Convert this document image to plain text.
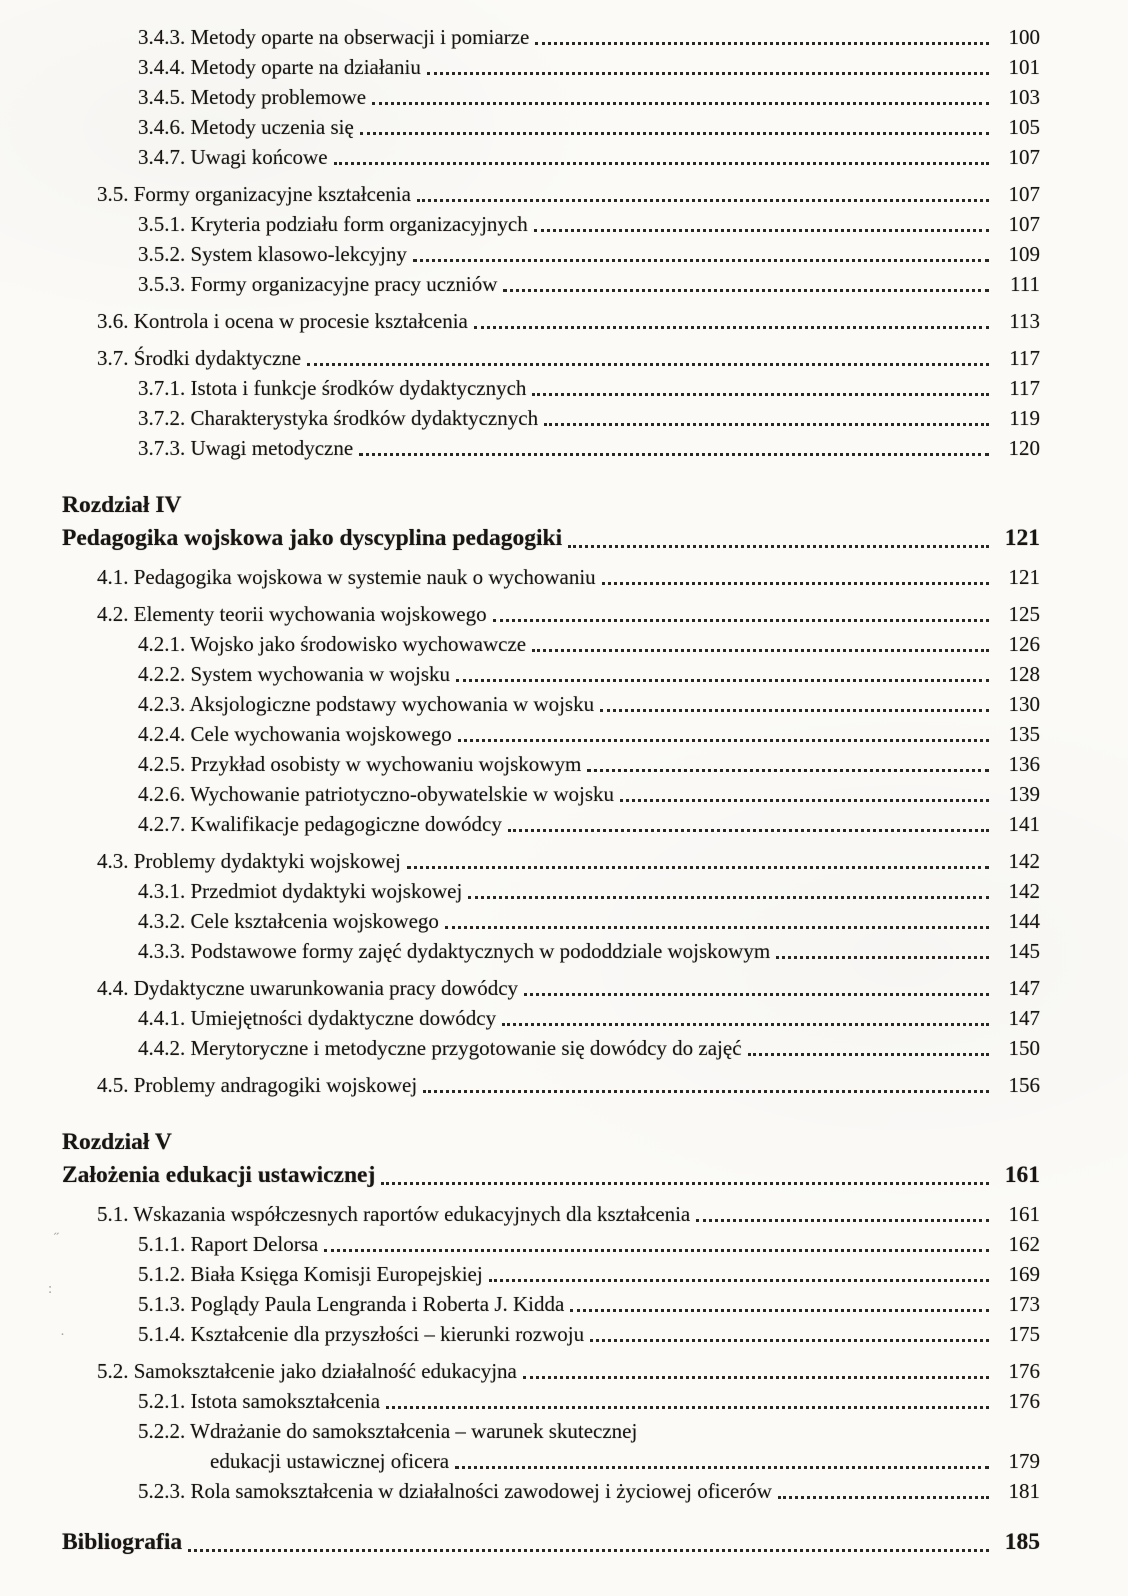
˝
:
·
3.4.3. Metody oparte na obserwacji i pomiarze	100
3.4.4. Metody oparte na działaniu	101
3.4.5. Metody problemowe	103
3.4.6. Metody uczenia się	105
3.4.7. Uwagi końcowe	107
3.5. Formy organizacyjne kształcenia	107
3.5.1. Kryteria podziału form organizacyjnych	107
3.5.2. System klasowo-lekcyjny	109
3.5.3. Formy organizacyjne pracy uczniów	111
3.6. Kontrola i ocena w procesie kształcenia	113
3.7. Środki dydaktyczne	117
3.7.1. Istota i funkcje środków dydaktycznych	117
3.7.2. Charakterystyka środków dydaktycznych	119
3.7.3. Uwagi metodyczne	120
Rozdział IV
Pedagogika wojskowa jako dyscyplina pedagogiki	121
4.1. Pedagogika wojskowa w systemie nauk o wychowaniu	121
4.2. Elementy teorii wychowania wojskowego	125
4.2.1. Wojsko jako środowisko wychowawcze	126
4.2.2. System wychowania w wojsku	128
4.2.3. Aksjologiczne podstawy wychowania w wojsku	130
4.2.4. Cele wychowania wojskowego	135
4.2.5. Przykład osobisty w wychowaniu wojskowym	136
4.2.6. Wychowanie patriotyczno-obywatelskie w wojsku	139
4.2.7. Kwalifikacje pedagogiczne dowódcy	141
4.3. Problemy dydaktyki wojskowej	142
4.3.1. Przedmiot dydaktyki wojskowej	142
4.3.2. Cele kształcenia wojskowego	144
4.3.3. Podstawowe formy zajęć dydaktycznych w pododdziale wojskowym	145
4.4. Dydaktyczne uwarunkowania pracy dowódcy	147
4.4.1. Umiejętności dydaktyczne dowódcy	147
4.4.2. Merytoryczne i metodyczne przygotowanie się dowódcy do zajęć	150
4.5. Problemy andragogiki wojskowej	156
Rozdział V
Założenia edukacji ustawicznej	161
5.1. Wskazania współczesnych raportów edukacyjnych dla kształcenia	161
5.1.1. Raport Delorsa	162
5.1.2. Biała Księga Komisji Europejskiej	169
5.1.3. Poglądy Paula Lengranda i Roberta J. Kidda	173
5.1.4. Kształcenie dla przyszłości – kierunki rozwoju	175
5.2. Samokształcenie jako działalność edukacyjna	176
5.2.1. Istota samokształcenia	176
5.2.2. Wdrażanie do samokształcenia – warunek skutecznej
edukacji ustawicznej oficera	179
5.2.3. Rola samokształcenia w działalności zawodowej i życiowej oficerów	181
Bibliografia	185
